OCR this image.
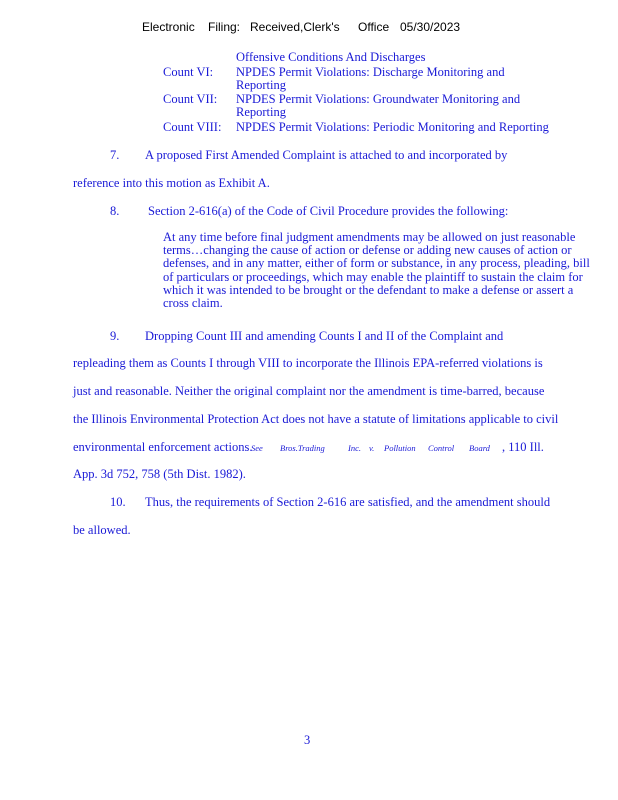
Electronic Filing: Received,Clerk's Office 05/30/2023
Offensive Conditions And Discharges
Count VI: NPDES Permit Violations: Discharge Monitoring and
Reporting
Count VII: NPDES Permit Violations: Groundwater Monitoring and
Reporting
Count VIII: NPDES Permit Violations: Periodic Monitoring and Reporting
7. A proposed First Amended Complaint is attached to and incorporated by
reference into this motion as Exhibit A.
8. Section 2-616(a) of the Code of Civil Procedure provides the following:
At any time before final judgment amendments may be allowed on just reasonable terms…changing the cause of action or defense or adding new causes of action or defenses, and in any matter, either of form or substance, in any process, pleading, bill of particulars or proceedings, which may enable the plaintiff to sustain the claim for which it was intended to be brought or the defendant to make a defense or assert a cross claim.
9. Dropping Count III and amending Counts I and II of the Complaint and
repleading them as Counts I through VIII to incorporate the Illinois EPA-referred violations is
just and reasonable. Neither the original complaint nor the amendment is time-barred, because
the Illinois Environmental Protection Act does not have a statute of limitations applicable to civil
environmental enforcement actions.
See Bros.Trading	Inc. v. Pollution Control Board , 110 Ill.
App. 3d 752, 758 (5th Dist. 1982).
10. Thus, the requirements of Section 2-616 are satisfied, and the amendment should
be allowed.
3
